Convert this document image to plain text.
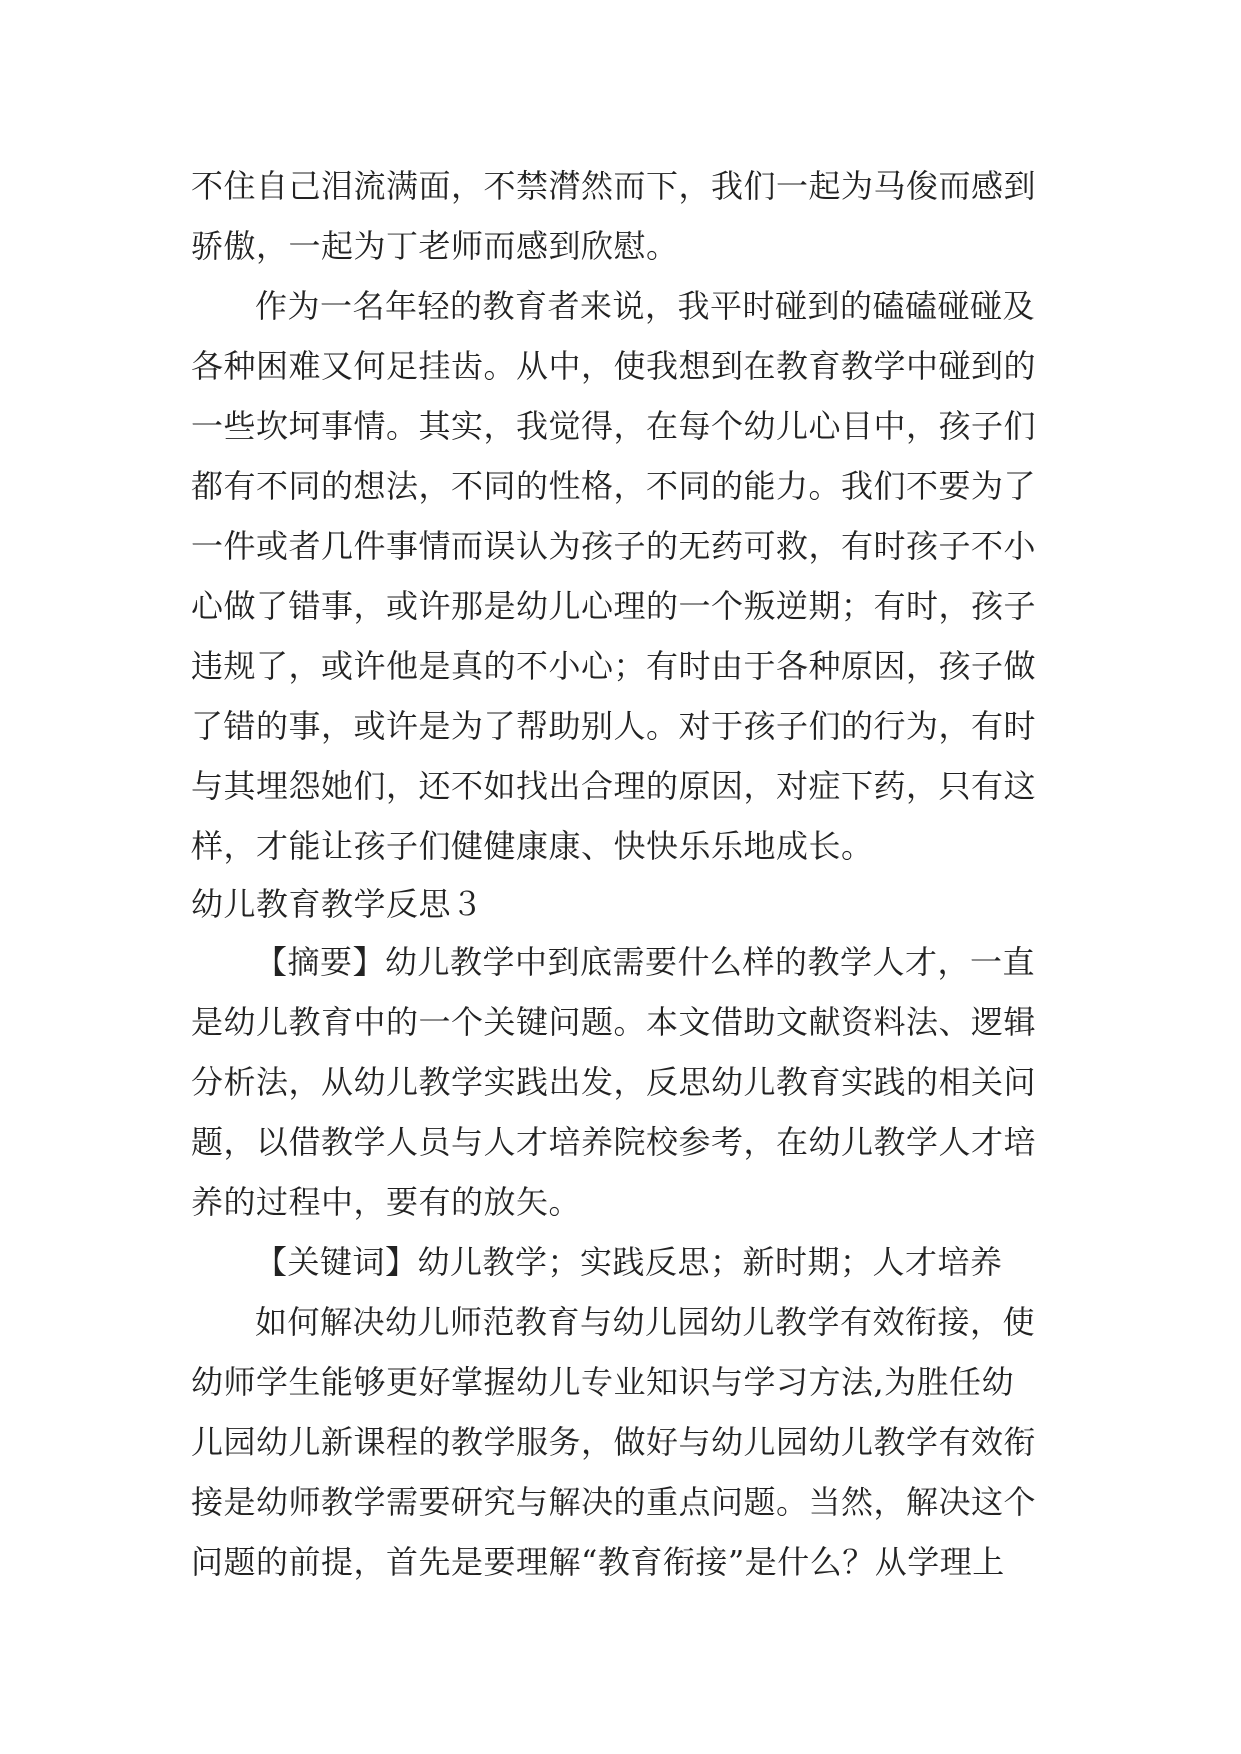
不住自己泪流满面，不禁潸然而下，我们一起为马俊而感到
骄傲，一起为丁老师而感到欣慰。
作为一名年轻的教育者来说，我平时碰到的磕磕碰碰及
各种困难又何足挂齿。从中，使我想到在教育教学中碰到的
一些坎坷事情。其实，我觉得，在每个幼儿心目中，孩子们
都有不同的想法，不同的性格，不同的能力。我们不要为了
一件或者几件事情而误认为孩子的无药可救，有时孩子不小
心做了错事，或许那是幼儿心理的一个叛逆期；有时，孩子
违规了，或许他是真的不小心；有时由于各种原因，孩子做
了错的事，或许是为了帮助别人。对于孩子们的行为，有时
与其埋怨她们，还不如找出合理的原因，对症下药，只有这
样，才能让孩子们健健康康、快快乐乐地成长。
幼儿教育教学反思３
【摘要】幼儿教学中到底需要什么样的教学人才，一直
是幼儿教育中的一个关键问题。本文借助文献资料法、逻辑
分析法，从幼儿教学实践出发，反思幼儿教育实践的相关问
题，以借教学人员与人才培养院校参考，在幼儿教学人才培
养的过程中，要有的放矢。
【关键词】幼儿教学；实践反思；新时期；人才培养
如何解决幼儿师范教育与幼儿园幼儿教学有效衔接，使
幼师学生能够更好掌握幼儿专业知识与学习方法,为胜任幼
儿园幼儿新课程的教学服务，做好与幼儿园幼儿教学有效衔
接是幼师教学需要研究与解决的重点问题。当然，解决这个
问题的前提，首先是要理解“教育衔接”是什么？从学理上
